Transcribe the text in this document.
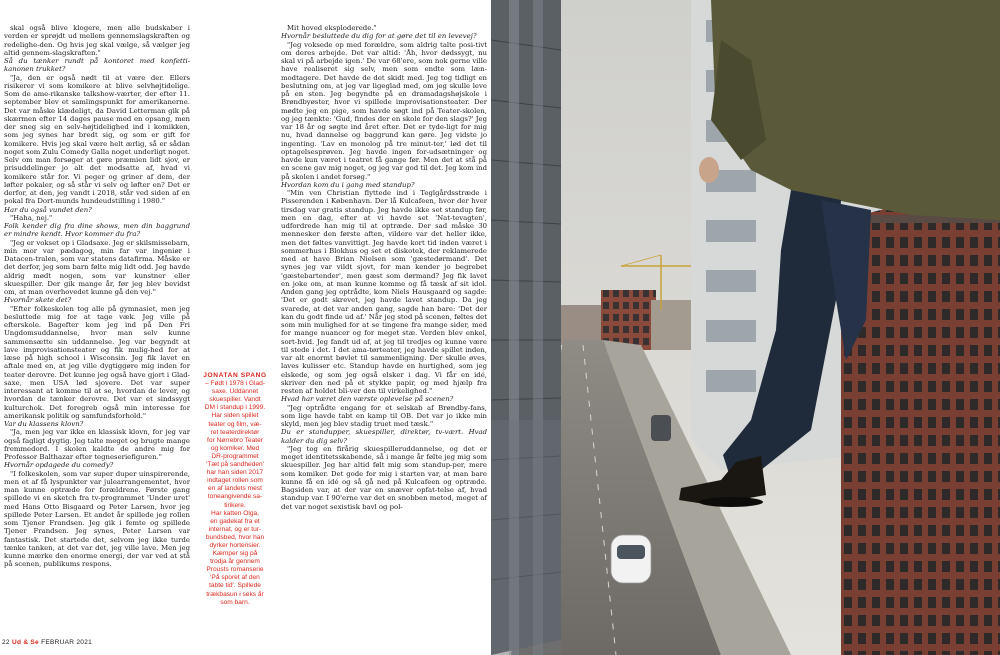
skal også blive klogere, men alle budskaber i verden er sprøjdt ud mellem gennemslagskraften og redelighe-den. Og hvis jeg skal vælge, så vælger jeg altid gennem-slagskraften."

Så du tænker rundt på kontoret med konfetti-kanonen trukket?

"Ja, den er også nødt til at være der. Ellers risikerer vi som komikere at blive selvhøjtidelige. Som de ame-rikanske talkshow-værter, der efter 11. september blev et samlingspunkt for amerikanerne. Det var måske klædeligt, da David Letterman gik på skærmen efter 14 dages pause med en opsang, men der sneg sig en selv-højtidelighed ind i komikken, som jeg synes har bredt sig, og som er gift for komikere. Hvis jeg skal være helt ærlig, så er sådan noget som Zulu Comedy Galla noget underligt noget. Selv om man forsøger at gøre præmien lidt sjov, er prisuddelinger jo alt det modsatte af, hvad vi komikere står for. Vi peger og griner af dem, der løfter pokaler, og så står vi selv og løfter en? Det er derfor, at den, jeg vandt i 2018, står ved siden af en pokal fra Dort-munds hundeudstilling i 1980."

Har du også vundet den?

"Haha, nej."

Folk kender dig fra dine shows, men din baggrund er mindre kendt. Hvor kommer du fra?

"Jeg er vokset op i Gladsaxe. Jeg er skilsmissebarn, min mor var pædagog, min far var ingeniør i Datacen-tralen, som var statens datafirma. Måske er det derfor, jeg som barn følte mig lidt odd. Jeg havde aldrig mødt nogen, som var kunstner eller skuespiller. Der gik mange år, før jeg blev bevidst om, at man overhovedet kunne gå den vej."

Hvornår skete det?

"Efter folkeskolen tog alle på gymnasiet, men jeg besluttede mig for at tage væk. Jeg ville på efterskole. Bagefter kom jeg ind på Den Fri Ungdomsuddannelse, hvor man selv kunne sammensætte sin uddannelse. Jeg var begyndt at lave improvisationsteater og fik mulig-hed for at læse på high school i Wisconsin. Jeg fik lavet en aftale med en, at jeg ville dygtiggøre mig inden for teater derovre. Det kunne jeg også have gjort i Glad-saxe, men USA lød sjovere. Det var super interessant at komme til at se, hvordan de lever, og hvordan de tænker derovre. Det var et sindssygt kulturchok. Det foregreb også min interesse for amerikansk politik og samfundsforhold."

Var du klassens klovn?

"Ja, men jeg var ikke en klassisk klovn, for jeg var også fagligt dygtig. Jeg talte meget og brugte mange fremmedord. I skolen kaldte de andre mig for Professor Balthazar efter tegneserieﬁguren."

Hvornår opdagede du comedy?

"I folkeskolen, som var super duper uinspirerende, men et af få lyspunkter var julearrangementet, hvor man kunne optræde for forældrene. Første gang spillede vi en sketch fra tv-programmet 'Under uret' med Hans Otto Bisgaard og Peter Larsen, hvor jeg spillede Peter Larsen. Et andet år spillede jeg rollen som Tjener Frandsen. Jeg gik i femte og spillede Tjener Frandsen. Jeg synes, Peter Larsen var fantastisk. Det startede det, selvom jeg ikke turde tænke tanken, at det var det, jeg ville lave. Men jeg kunne mærke den enorme energi, der var ved at stå på scenen, publikums respons.

Mit hoved eksploderede."

Hvornår besluttede du dig for at gøre det til en levevej?

"Jeg voksede op med forældre, som aldrig talte posi-tivt om deres arbejde. Det var altid: 'Åh, hvor dødssygt, nu skal vi på arbejde igen.' De var 68'ere, som nok gerne ville have realiseret sig selv, men som endte som læn-modtagere. Det havde de det skidt med. Jeg tog tidligt en beslutning om, at jeg var ligeglad med, om jeg skulle leve på en sten. Jeg begyndte på en dramadagshøjskole i Brøndbyøster, hvor vi spillede improvisationsteater. Der mødte jeg en pige, som havde søgt ind på Teater-skolen, og jeg tænkte: 'Gud, findes der en skole for den slags?' Jeg var 18 år og søgte ind året efter. Det er tyde-ligt for mig nu, hvad dannelse og baggrund kan gøre. Jeg vidste jo ingenting. 'Lav en monolog på tre minut-ter,' lød det til optagelsesprøven. Jeg havde ingen for-udsætninger og havde kun været i teatret få gange før. Men det at stå på en scene gav mig noget, og jeg var god til det. Jeg kom ind på skolen i andet forsøg."

Hvordan kom du i gang med standup?

"Min ven Christian flyttede ind i Teglgårdsstræde i Pisserenden i København. Der lå Kulcafeen, hvor der hver tirsdag var gratis standup. Jeg havde ikke set standup før, men en dag, efter at vi havde set 'Nat-tevagten', udfordrede han mig til at optræde. Der sad måske 30 mennesker den første aften, vildere var det heller ikke, men det føltes vanvittigt. Jeg havde kort tid inden været i sommerhus i Blokhus og set et diskotek, der reklamerede med at have Brian Nielsen som 'gæstedørmand'. Det synes jeg var vildt sjovt, for man kender jo begrebet 'gæstebartender', men gæst som dørmand? Jeg fik lavet en joke om, at man kunne komme og få tæsk af sit idol. Anden gang jeg optrådte, kom Niels Hausgaard og sagde: 'Det er godt skrevet, jeg havde lavet standup. Da jeg svarede, at det var anden gang, sagde han bare: 'Det der kan du godt finde ud af.' Når jeg stod på scenen, føltes det som min mulighed for at se tingene fra mange sider, med for mange nuancer og for meget stæ. Verden blev enkel, sort-hvid. Jeg fandt ud af, at jeg til tredjes og kunne være til stede i det. I det ama-tørteater, jeg havde spillet inden, var alt enormt bøvlet til sammenligning. Der skulle øves, laves kulisser etc. Standup havde en hurtighed, som jeg elskede, og som jeg også elsker i dag. Vi får en idé, skriver den ned på et stykke papir, og med hjælp fra resten af holdet bli-ver den til virkelighed."

Hvad har været den værste oplevelse på scenen?

"Jeg optrådte engang for et selskab af Brøndby-fans, som lige havde tabt en kamp til OB. Det var jo ikke min skyld, men jeg blev stadig truet med tæsk."

Du er standupper, skuespiller, direktør, tv-vært. Hvad kalder du dig selv?

"Jeg tog en firårig skuespilleruddannelse, og det er meget identitetsskabende, så i mange år følte jeg mig som skuespiller. Jeg har altid følt mig som standup-per, mere som komiker. Det gode for mig i starten var, at man bare kunne få en idé og så gå ned på Kulcafeen og optræde. Bagsiden var, at der var en snæver opfat-telse af, hvad standup var. I 90'erne var det en snobben metod, meget af det var noget sexistisk bavl og pol-

JONATAN SPANG
– Født i 1978 i Glad-
saxe. Uddannet
skuespiller. Vandt
DM i standup i 1999.
Har siden spillet
teater og film, væ-
ret teaterdirektør
for Nørrebro Teater
og komiker. Med
DR-programmet
'Tæt på sandheden'
har han siden 2017
indtaget rollen som
en af landets mest
toneangivende sa-
tirikere.
Har katten Olga,
en gadekat fra et
internat, og er tur-
bundsbed, hvor han
dyrker hortensier.
Kæmper sig på
trodja år gennem
Prousts romanserie
'På sporet af den
tabte tid'. Spillede
trækbasun i seks år
som barn.
22 Ud & Se FEBRUAR 2021
